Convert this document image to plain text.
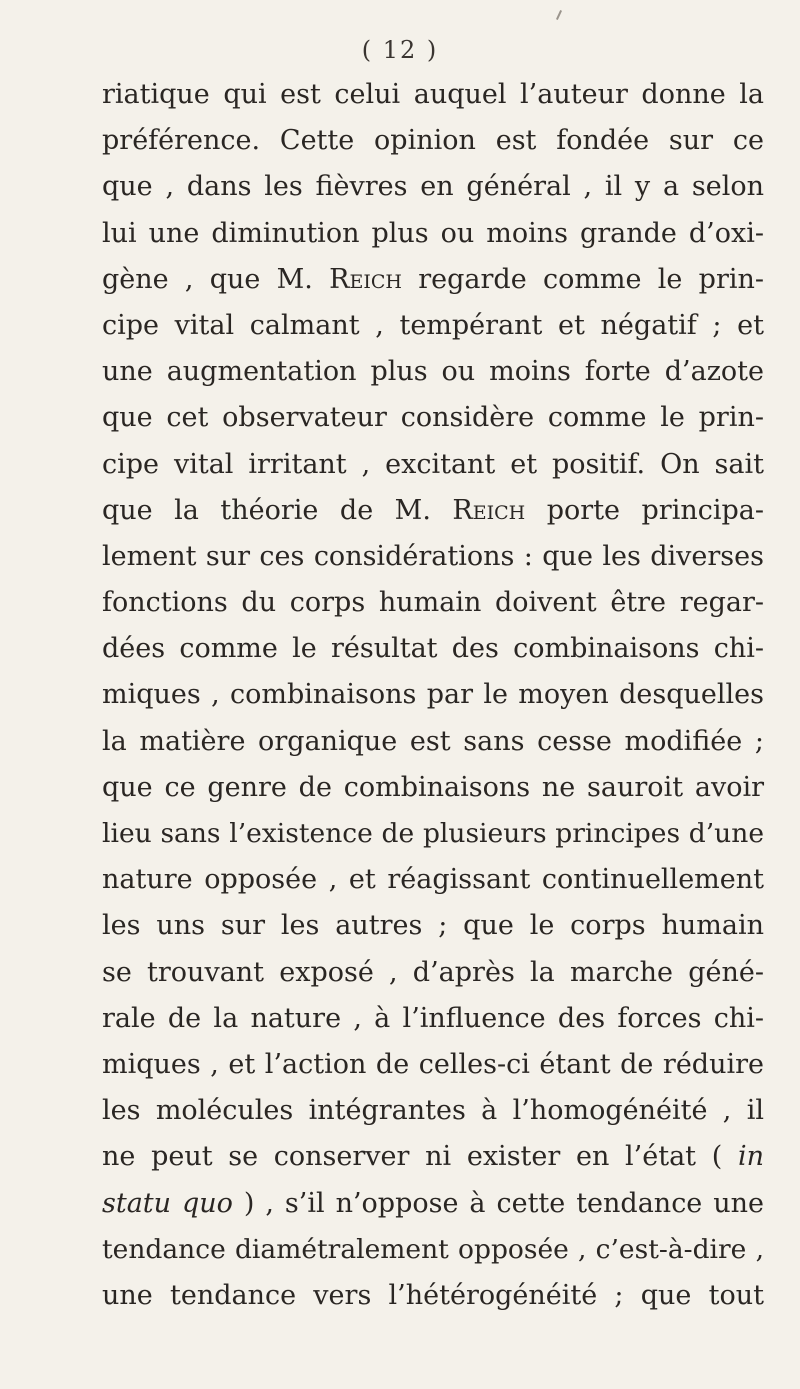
( 12 )
riatique qui est celui auquel l’auteur donne la
préférence. Cette opinion est fondée sur ce
que , dans les fièvres en général , il y a selon
lui une diminution plus ou moins grande d’oxi-
gène , que M. Reich regarde comme le prin-
cipe vital calmant , tempérant et négatif ; et
une augmentation plus ou moins forte d’azote
que cet observateur considère comme le prin-
cipe vital irritant , excitant et positif. On sait
que la théorie de M. Reich porte principa-
lement sur ces considérations : que les diverses
fonctions du corps humain doivent être regar-
dées comme le résultat des combinaisons chi-
miques , combinaisons par le moyen desquelles
la matière organique est sans cesse modifiée ;
que ce genre de combinaisons ne sauroit avoir
lieu sans l’existence de plusieurs principes d’une
nature opposée , et réagissant continuellement
les uns sur les autres ; que le corps humain
se trouvant exposé , d’après la marche géné-
rale de la nature , à l’influence des forces chi-
miques , et l’action de celles-ci étant de réduire
les molécules intégrantes à l’homogénéité , il
ne peut se conserver ni exister en l’état ( in
statu quo ) , s’il n’oppose à cette tendance une
tendance diamétralement opposée , c’est-à-dire ,
une tendance vers l’hétérogénéité ; que tout
